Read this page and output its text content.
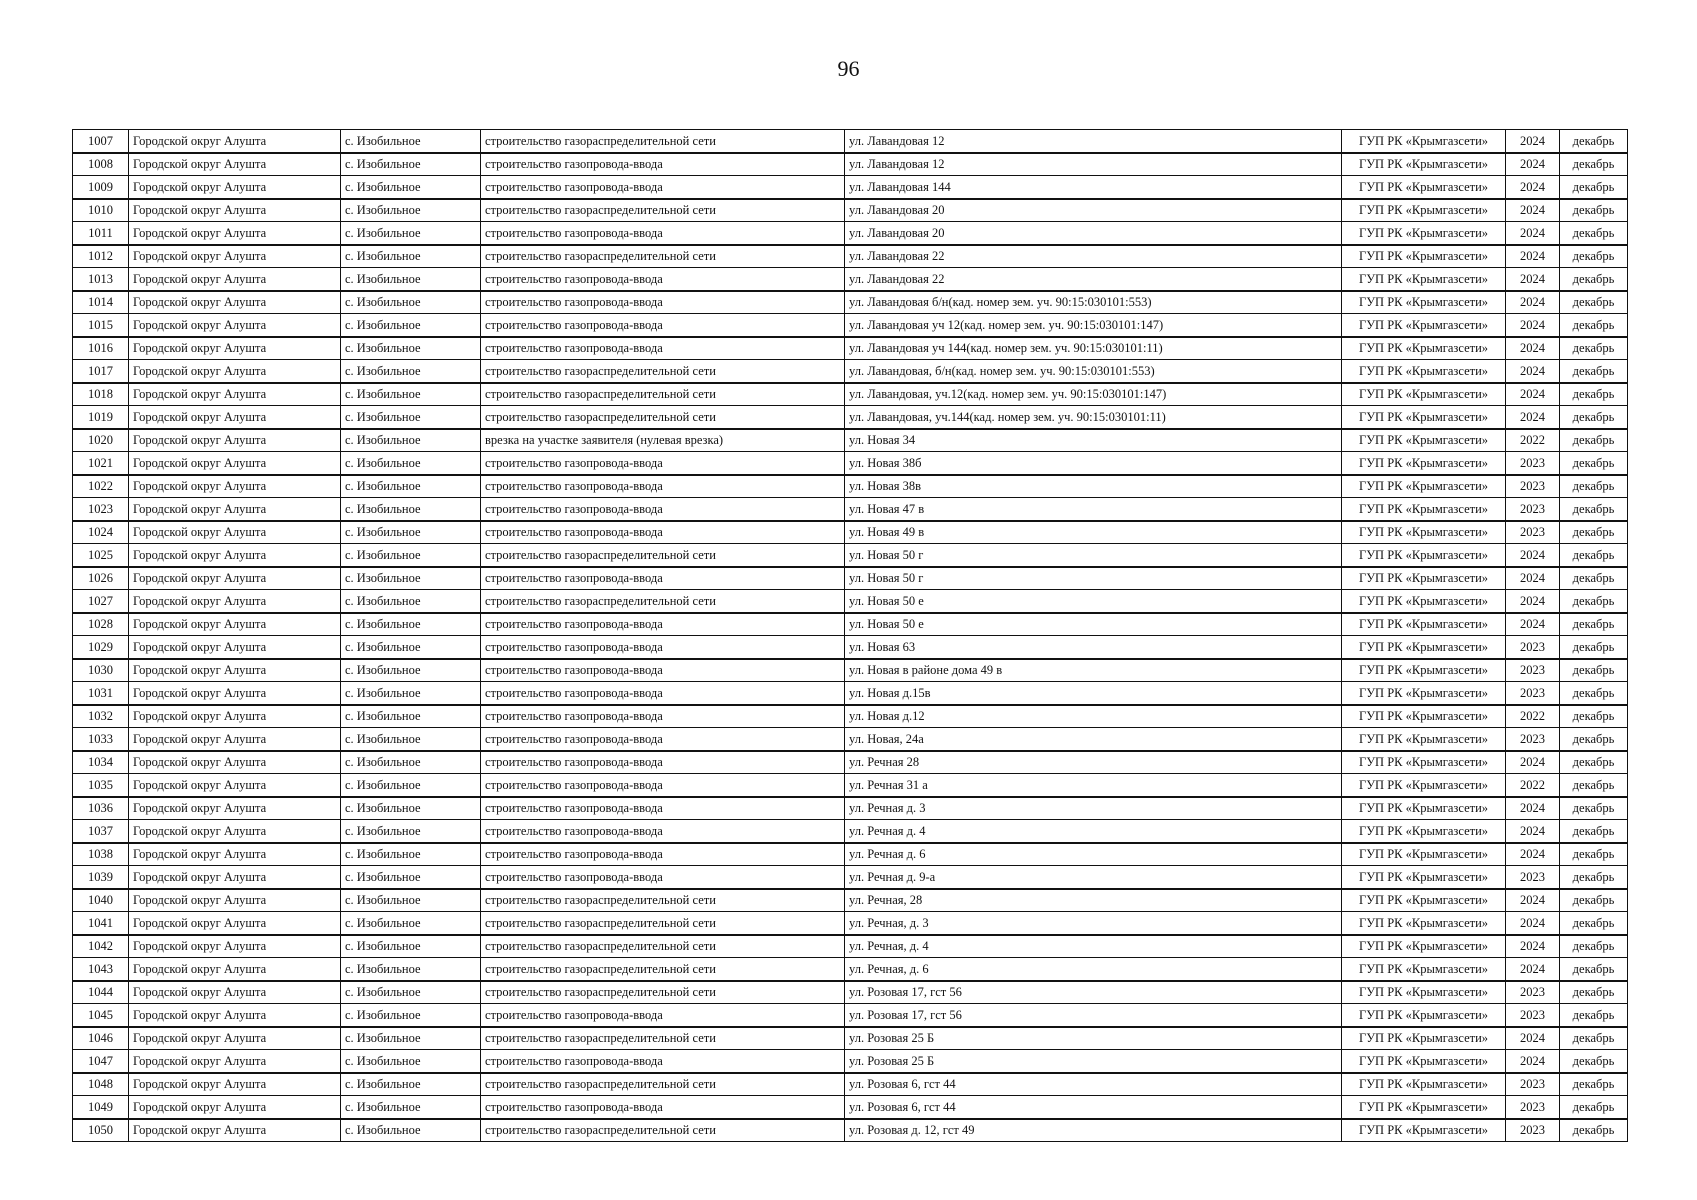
96
1007	Городской округ Алушта	с. Изобильное	строительство газораспределительной сети	ул. Лавандовая 12	ГУП РК «Крымгазсети»	2024	декабрь
1008	Городской округ Алушта	с. Изобильное	строительство газопровода-ввода	ул. Лавандовая 12	ГУП РК «Крымгазсети»	2024	декабрь
1009	Городской округ Алушта	с. Изобильное	строительство газопровода-ввода	ул. Лавандовая 144	ГУП РК «Крымгазсети»	2024	декабрь
1010	Городской округ Алушта	с. Изобильное	строительство газораспределительной сети	ул. Лавандовая 20	ГУП РК «Крымгазсети»	2024	декабрь
1011	Городской округ Алушта	с. Изобильное	строительство газопровода-ввода	ул. Лавандовая 20	ГУП РК «Крымгазсети»	2024	декабрь
1012	Городской округ Алушта	с. Изобильное	строительство газораспределительной сети	ул. Лавандовая 22	ГУП РК «Крымгазсети»	2024	декабрь
1013	Городской округ Алушта	с. Изобильное	строительство газопровода-ввода	ул. Лавандовая 22	ГУП РК «Крымгазсети»	2024	декабрь
1014	Городской округ Алушта	с. Изобильное	строительство газопровода-ввода	ул. Лавандовая б/н(кад. номер зем. уч. 90:15:030101:553)	ГУП РК «Крымгазсети»	2024	декабрь
1015	Городской округ Алушта	с. Изобильное	строительство газопровода-ввода	ул. Лавандовая уч 12(кад. номер зем. уч. 90:15:030101:147)	ГУП РК «Крымгазсети»	2024	декабрь
1016	Городской округ Алушта	с. Изобильное	строительство газопровода-ввода	ул. Лавандовая уч 144(кад. номер зем. уч. 90:15:030101:11)	ГУП РК «Крымгазсети»	2024	декабрь
1017	Городской округ Алушта	с. Изобильное	строительство газораспределительной сети	ул. Лавандовая, б/н(кад. номер зем. уч. 90:15:030101:553)	ГУП РК «Крымгазсети»	2024	декабрь
1018	Городской округ Алушта	с. Изобильное	строительство газораспределительной сети	ул. Лавандовая, уч.12(кад. номер зем. уч. 90:15:030101:147)	ГУП РК «Крымгазсети»	2024	декабрь
1019	Городской округ Алушта	с. Изобильное	строительство газораспределительной сети	ул. Лавандовая, уч.144(кад. номер зем. уч. 90:15:030101:11)	ГУП РК «Крымгазсети»	2024	декабрь
1020	Городской округ Алушта	с. Изобильное	врезка на участке заявителя (нулевая врезка)	ул. Новая 34	ГУП РК «Крымгазсети»	2022	декабрь
1021	Городской округ Алушта	с. Изобильное	строительство газопровода-ввода	ул. Новая 38б	ГУП РК «Крымгазсети»	2023	декабрь
1022	Городской округ Алушта	с. Изобильное	строительство газопровода-ввода	ул. Новая 38в	ГУП РК «Крымгазсети»	2023	декабрь
1023	Городской округ Алушта	с. Изобильное	строительство газопровода-ввода	ул. Новая 47 в	ГУП РК «Крымгазсети»	2023	декабрь
1024	Городской округ Алушта	с. Изобильное	строительство газопровода-ввода	ул. Новая 49 в	ГУП РК «Крымгазсети»	2023	декабрь
1025	Городской округ Алушта	с. Изобильное	строительство газораспределительной сети	ул. Новая 50 г	ГУП РК «Крымгазсети»	2024	декабрь
1026	Городской округ Алушта	с. Изобильное	строительство газопровода-ввода	ул. Новая 50 г	ГУП РК «Крымгазсети»	2024	декабрь
1027	Городской округ Алушта	с. Изобильное	строительство газораспределительной сети	ул. Новая 50 е	ГУП РК «Крымгазсети»	2024	декабрь
1028	Городской округ Алушта	с. Изобильное	строительство газопровода-ввода	ул. Новая 50 е	ГУП РК «Крымгазсети»	2024	декабрь
1029	Городской округ Алушта	с. Изобильное	строительство газопровода-ввода	ул. Новая 63	ГУП РК «Крымгазсети»	2023	декабрь
1030	Городской округ Алушта	с. Изобильное	строительство газопровода-ввода	ул. Новая в районе дома 49 в	ГУП РК «Крымгазсети»	2023	декабрь
1031	Городской округ Алушта	с. Изобильное	строительство газопровода-ввода	ул. Новая д.15в	ГУП РК «Крымгазсети»	2023	декабрь
1032	Городской округ Алушта	с. Изобильное	строительство газопровода-ввода	ул. Новая д.12	ГУП РК «Крымгазсети»	2022	декабрь
1033	Городской округ Алушта	с. Изобильное	строительство газопровода-ввода	ул. Новая, 24а	ГУП РК «Крымгазсети»	2023	декабрь
1034	Городской округ Алушта	с. Изобильное	строительство газопровода-ввода	ул. Речная 28	ГУП РК «Крымгазсети»	2024	декабрь
1035	Городской округ Алушта	с. Изобильное	строительство газопровода-ввода	ул. Речная 31 а	ГУП РК «Крымгазсети»	2022	декабрь
1036	Городской округ Алушта	с. Изобильное	строительство газопровода-ввода	ул. Речная д. 3	ГУП РК «Крымгазсети»	2024	декабрь
1037	Городской округ Алушта	с. Изобильное	строительство газопровода-ввода	ул. Речная д. 4	ГУП РК «Крымгазсети»	2024	декабрь
1038	Городской округ Алушта	с. Изобильное	строительство газопровода-ввода	ул. Речная д. 6	ГУП РК «Крымгазсети»	2024	декабрь
1039	Городской округ Алушта	с. Изобильное	строительство газопровода-ввода	ул. Речная д. 9-а	ГУП РК «Крымгазсети»	2023	декабрь
1040	Городской округ Алушта	с. Изобильное	строительство газораспределительной сети	ул. Речная, 28	ГУП РК «Крымгазсети»	2024	декабрь
1041	Городской округ Алушта	с. Изобильное	строительство газораспределительной сети	ул. Речная, д. 3	ГУП РК «Крымгазсети»	2024	декабрь
1042	Городской округ Алушта	с. Изобильное	строительство газораспределительной сети	ул. Речная, д. 4	ГУП РК «Крымгазсети»	2024	декабрь
1043	Городской округ Алушта	с. Изобильное	строительство газораспределительной сети	ул. Речная, д. 6	ГУП РК «Крымгазсети»	2024	декабрь
1044	Городской округ Алушта	с. Изобильное	строительство газораспределительной сети	ул. Розовая 17, гст 56	ГУП РК «Крымгазсети»	2023	декабрь
1045	Городской округ Алушта	с. Изобильное	строительство газопровода-ввода	ул. Розовая 17, гст 56	ГУП РК «Крымгазсети»	2023	декабрь
1046	Городской округ Алушта	с. Изобильное	строительство газораспределительной сети	ул. Розовая 25 Б	ГУП РК «Крымгазсети»	2024	декабрь
1047	Городской округ Алушта	с. Изобильное	строительство газопровода-ввода	ул. Розовая 25 Б	ГУП РК «Крымгазсети»	2024	декабрь
1048	Городской округ Алушта	с. Изобильное	строительство газораспределительной сети	ул. Розовая 6, гст 44	ГУП РК «Крымгазсети»	2023	декабрь
1049	Городской округ Алушта	с. Изобильное	строительство газопровода-ввода	ул. Розовая 6, гст 44	ГУП РК «Крымгазсети»	2023	декабрь
1050	Городской округ Алушта	с. Изобильное	строительство газораспределительной сети	ул. Розовая д. 12, гст 49	ГУП РК «Крымгазсети»	2023	декабрь
